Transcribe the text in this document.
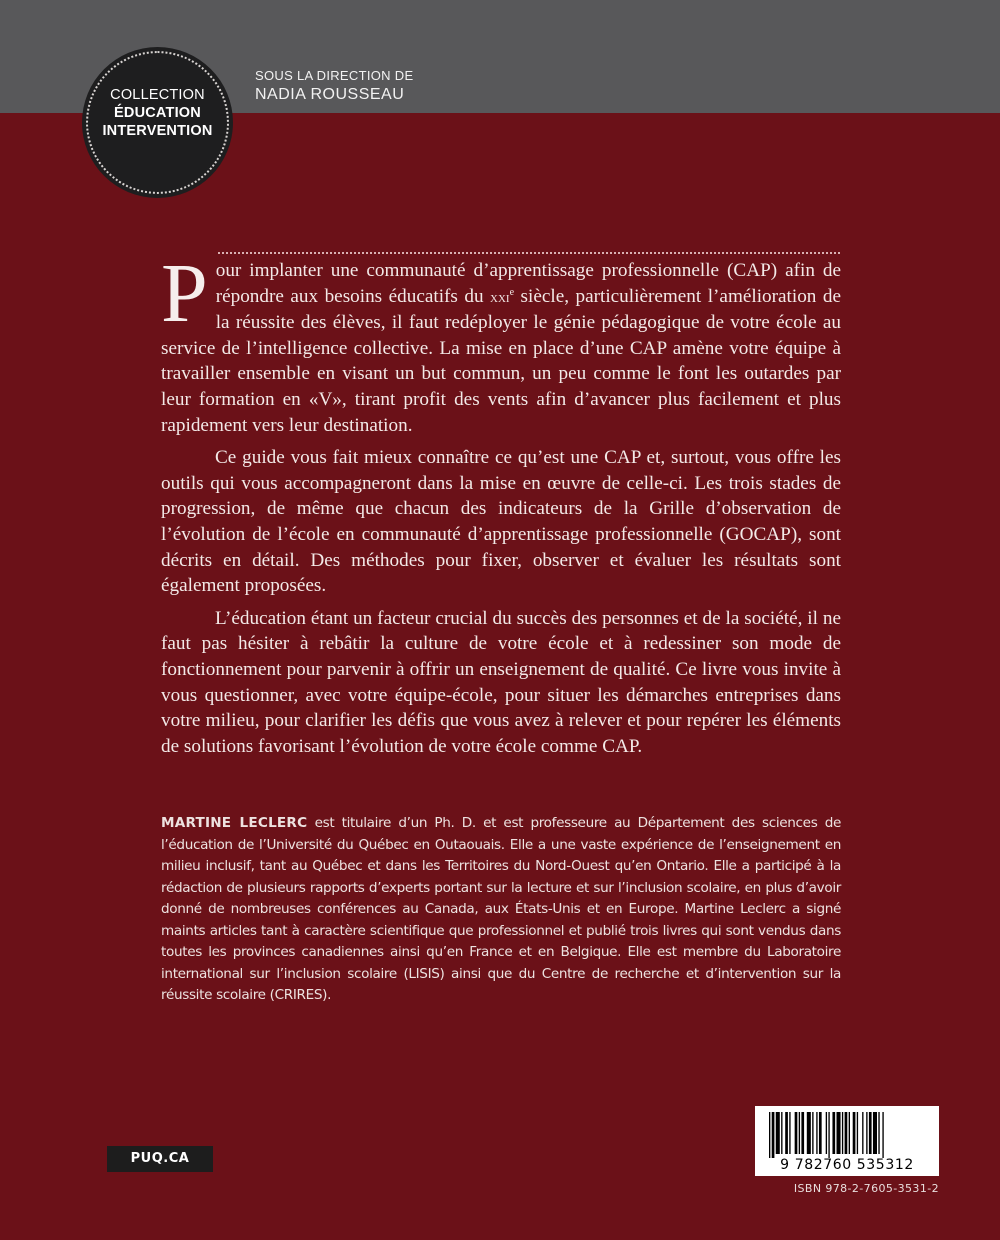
COLLECTION
ÉDUCATION
INTERVENTION
SOUS LA DIRECTION DE
NADIA ROUSSEAU

Pour implanter une communauté d’apprentissage professionnelle (CAP) afin de répondre aux besoins éducatifs du xxi$^e$ siècle, particulièrement l’amélioration de la réussite des élèves, il faut redéployer le génie pédagogique de votre école au service de l’intelligence collective. La mise en place d’une CAP amène votre équipe à travailler ensemble en visant un but commun, un peu comme le font les outardes par leur formation en «V», tirant profit des vents afin d’avancer plus facilement et plus rapidement vers leur destination.

Ce guide vous fait mieux connaître ce qu’est une CAP et, surtout, vous offre les outils qui vous accompagneront dans la mise en œuvre de celle-ci. Les trois stades de progression, de même que chacun des indicateurs de la Grille d’observation de l’évolution de l’école en communauté d’apprentissage professionnelle (GOCAP), sont décrits en détail. Des méthodes pour fixer, observer et évaluer les résultats sont également proposées.

L’éducation étant un facteur crucial du succès des personnes et de la société, il ne faut pas hésiter à rebâtir la culture de votre école et à redessiner son mode de fonctionnement pour parvenir à offrir un enseignement de qualité. Ce livre vous invite à vous questionner, avec votre équipe-école, pour situer les démarches entreprises dans votre milieu, pour clarifier les défis que vous avez à relever et pour repérer les éléments de solutions favorisant l’évolution de votre école comme CAP.

MARTINE LECLERC est titulaire d’un Ph. D. et est professeure au Département des sciences de l’éducation de l’Université du Québec en Outaouais. Elle a une vaste expérience de l’enseignement en milieu inclusif, tant au Québec et dans les Territoires du Nord-Ouest qu’en Ontario. Elle a participé à la rédaction de plusieurs rapports d’experts portant sur la lecture et sur l’inclusion scolaire, en plus d’avoir donné de nombreuses conférences au Canada, aux États-Unis et en Europe. Martine Leclerc a signé maints articles tant à caractère scientifique que professionnel et publié trois livres qui sont vendus dans toutes les provinces canadiennes ainsi qu’en France et en Belgique. Elle est membre du Laboratoire international sur l’inclusion scolaire (LISIS) ainsi que du Centre de recherche et d’intervention sur la réussite scolaire (CRIRES).
PUQ.CA	9 782760 535312
ISBN 978-2-7605-3531-2
